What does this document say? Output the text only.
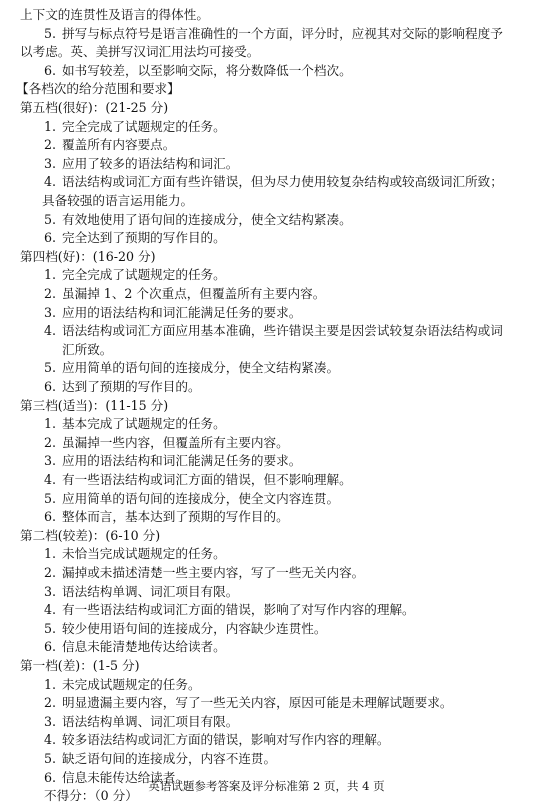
上下文的连贯性及语言的得体性。
5. 拼写与标点符号是语言准确性的一个方面，评分时，应视其对交际的影响程度予
以考虑。英、美拼写汉词汇用法均可接受。
6. 如书写较差，以至影响交际，将分数降低一个档次。
【各档次的给分范围和要求】
第五档(很好)：(21-25 分)
1. 完全完成了试题规定的任务。
2. 覆盖所有内容要点。
3. 应用了较多的语法结构和词汇。
4. 语法结构或词汇方面有些许错误，但为尽力使用较复杂结构或较高级词汇所致；
具备较强的语言运用能力。
5. 有效地使用了语句间的连接成分，使全文结构紧凑。
6. 完全达到了预期的写作目的。
第四档(好)：(16-20 分)
1. 完全完成了试题规定的任务。
2. 虽漏掉 1、2 个次重点，但覆盖所有主要内容。
3. 应用的语法结构和词汇能满足任务的要求。
4. 语法结构或词汇方面应用基本准确，些许错误主要是因尝试较复杂语法结构或词
汇所致。
5. 应用简单的语句间的连接成分，使全文结构紧凑。
6. 达到了预期的写作目的。
第三档(适当)：(11-15 分)
1. 基本完成了试题规定的任务。
2. 虽漏掉一些内容，但覆盖所有主要内容。
3. 应用的语法结构和词汇能满足任务的要求。
4. 有一些语法结构或词汇方面的错误，但不影响理解。
5. 应用简单的语句间的连接成分，使全文内容连贯。
6. 整体而言，基本达到了预期的写作目的。
第二档(较差)：(6-10 分)
1. 未恰当完成试题规定的任务。
2. 漏掉或未描述清楚一些主要内容，写了一些无关内容。
3. 语法结构单调、词汇项目有限。
4. 有一些语法结构或词汇方面的错误，影响了对写作内容的理解。
5. 较少使用语句间的连接成分，内容缺少连贯性。
6. 信息未能清楚地传达给读者。
第一档(差)：(1-5 分)
1. 未完成试题规定的任务。
2. 明显遗漏主要内容，写了一些无关内容，原因可能是未理解试题要求。
3. 语法结构单调、词汇项目有限。
4. 较多语法结构或词汇方面的错误，影响对写作内容的理解。
5. 缺乏语句间的连接成分，内容不连贯。
6. 信息未能传达给读者。
不得分：（0 分）
英语试题参考答案及评分标准第 2 页，共 4 页
